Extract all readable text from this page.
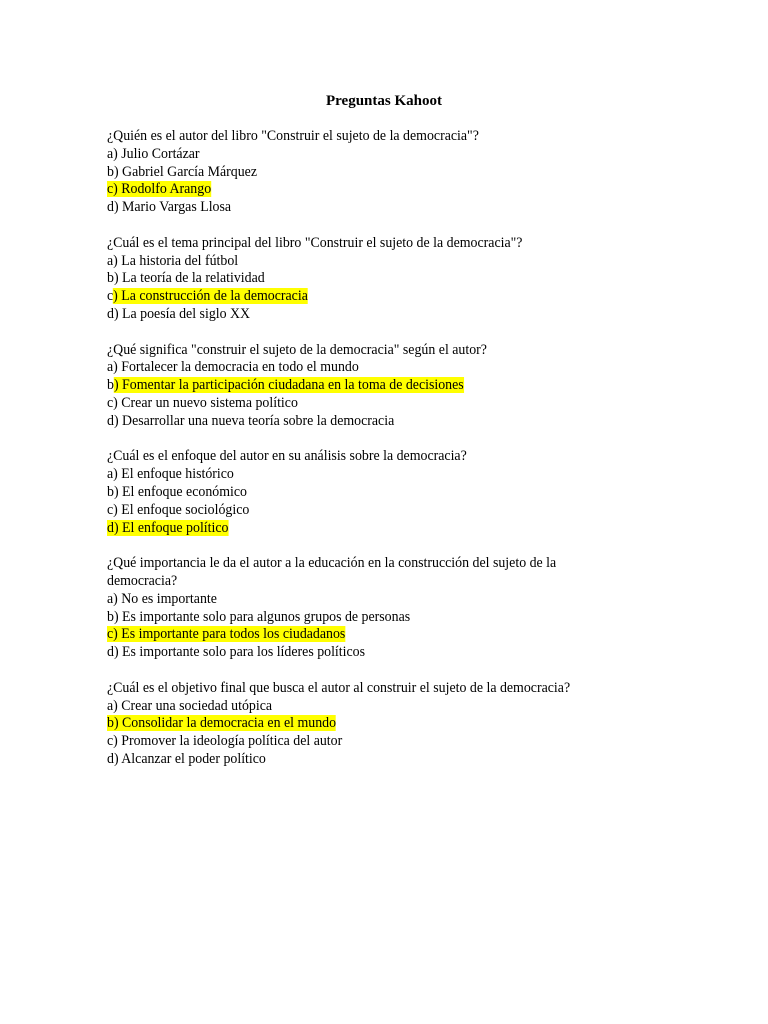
Preguntas Kahoot
¿Quién es el autor del libro "Construir el sujeto de la democracia"?
a) Julio Cortázar
b) Gabriel García Márquez
c) Rodolfo Arango
d) Mario Vargas Llosa
¿Cuál es el tema principal del libro "Construir el sujeto de la democracia"?
a) La historia del fútbol
b) La teoría de la relatividad
c) La construcción de la democracia
d) La poesía del siglo XX
¿Qué significa "construir el sujeto de la democracia" según el autor?
a) Fortalecer la democracia en todo el mundo
b) Fomentar la participación ciudadana en la toma de decisiones
c) Crear un nuevo sistema político
d) Desarrollar una nueva teoría sobre la democracia
¿Cuál es el enfoque del autor en su análisis sobre la democracia?
a) El enfoque histórico
b) El enfoque económico
c) El enfoque sociológico
d) El enfoque político
¿Qué importancia le da el autor a la educación en la construcción del sujeto de la democracia?
a) No es importante
b) Es importante solo para algunos grupos de personas
c) Es importante para todos los ciudadanos
d) Es importante solo para los líderes políticos
¿Cuál es el objetivo final que busca el autor al construir el sujeto de la democracia?
a) Crear una sociedad utópica
b) Consolidar la democracia en el mundo
c) Promover la ideología política del autor
d) Alcanzar el poder político
